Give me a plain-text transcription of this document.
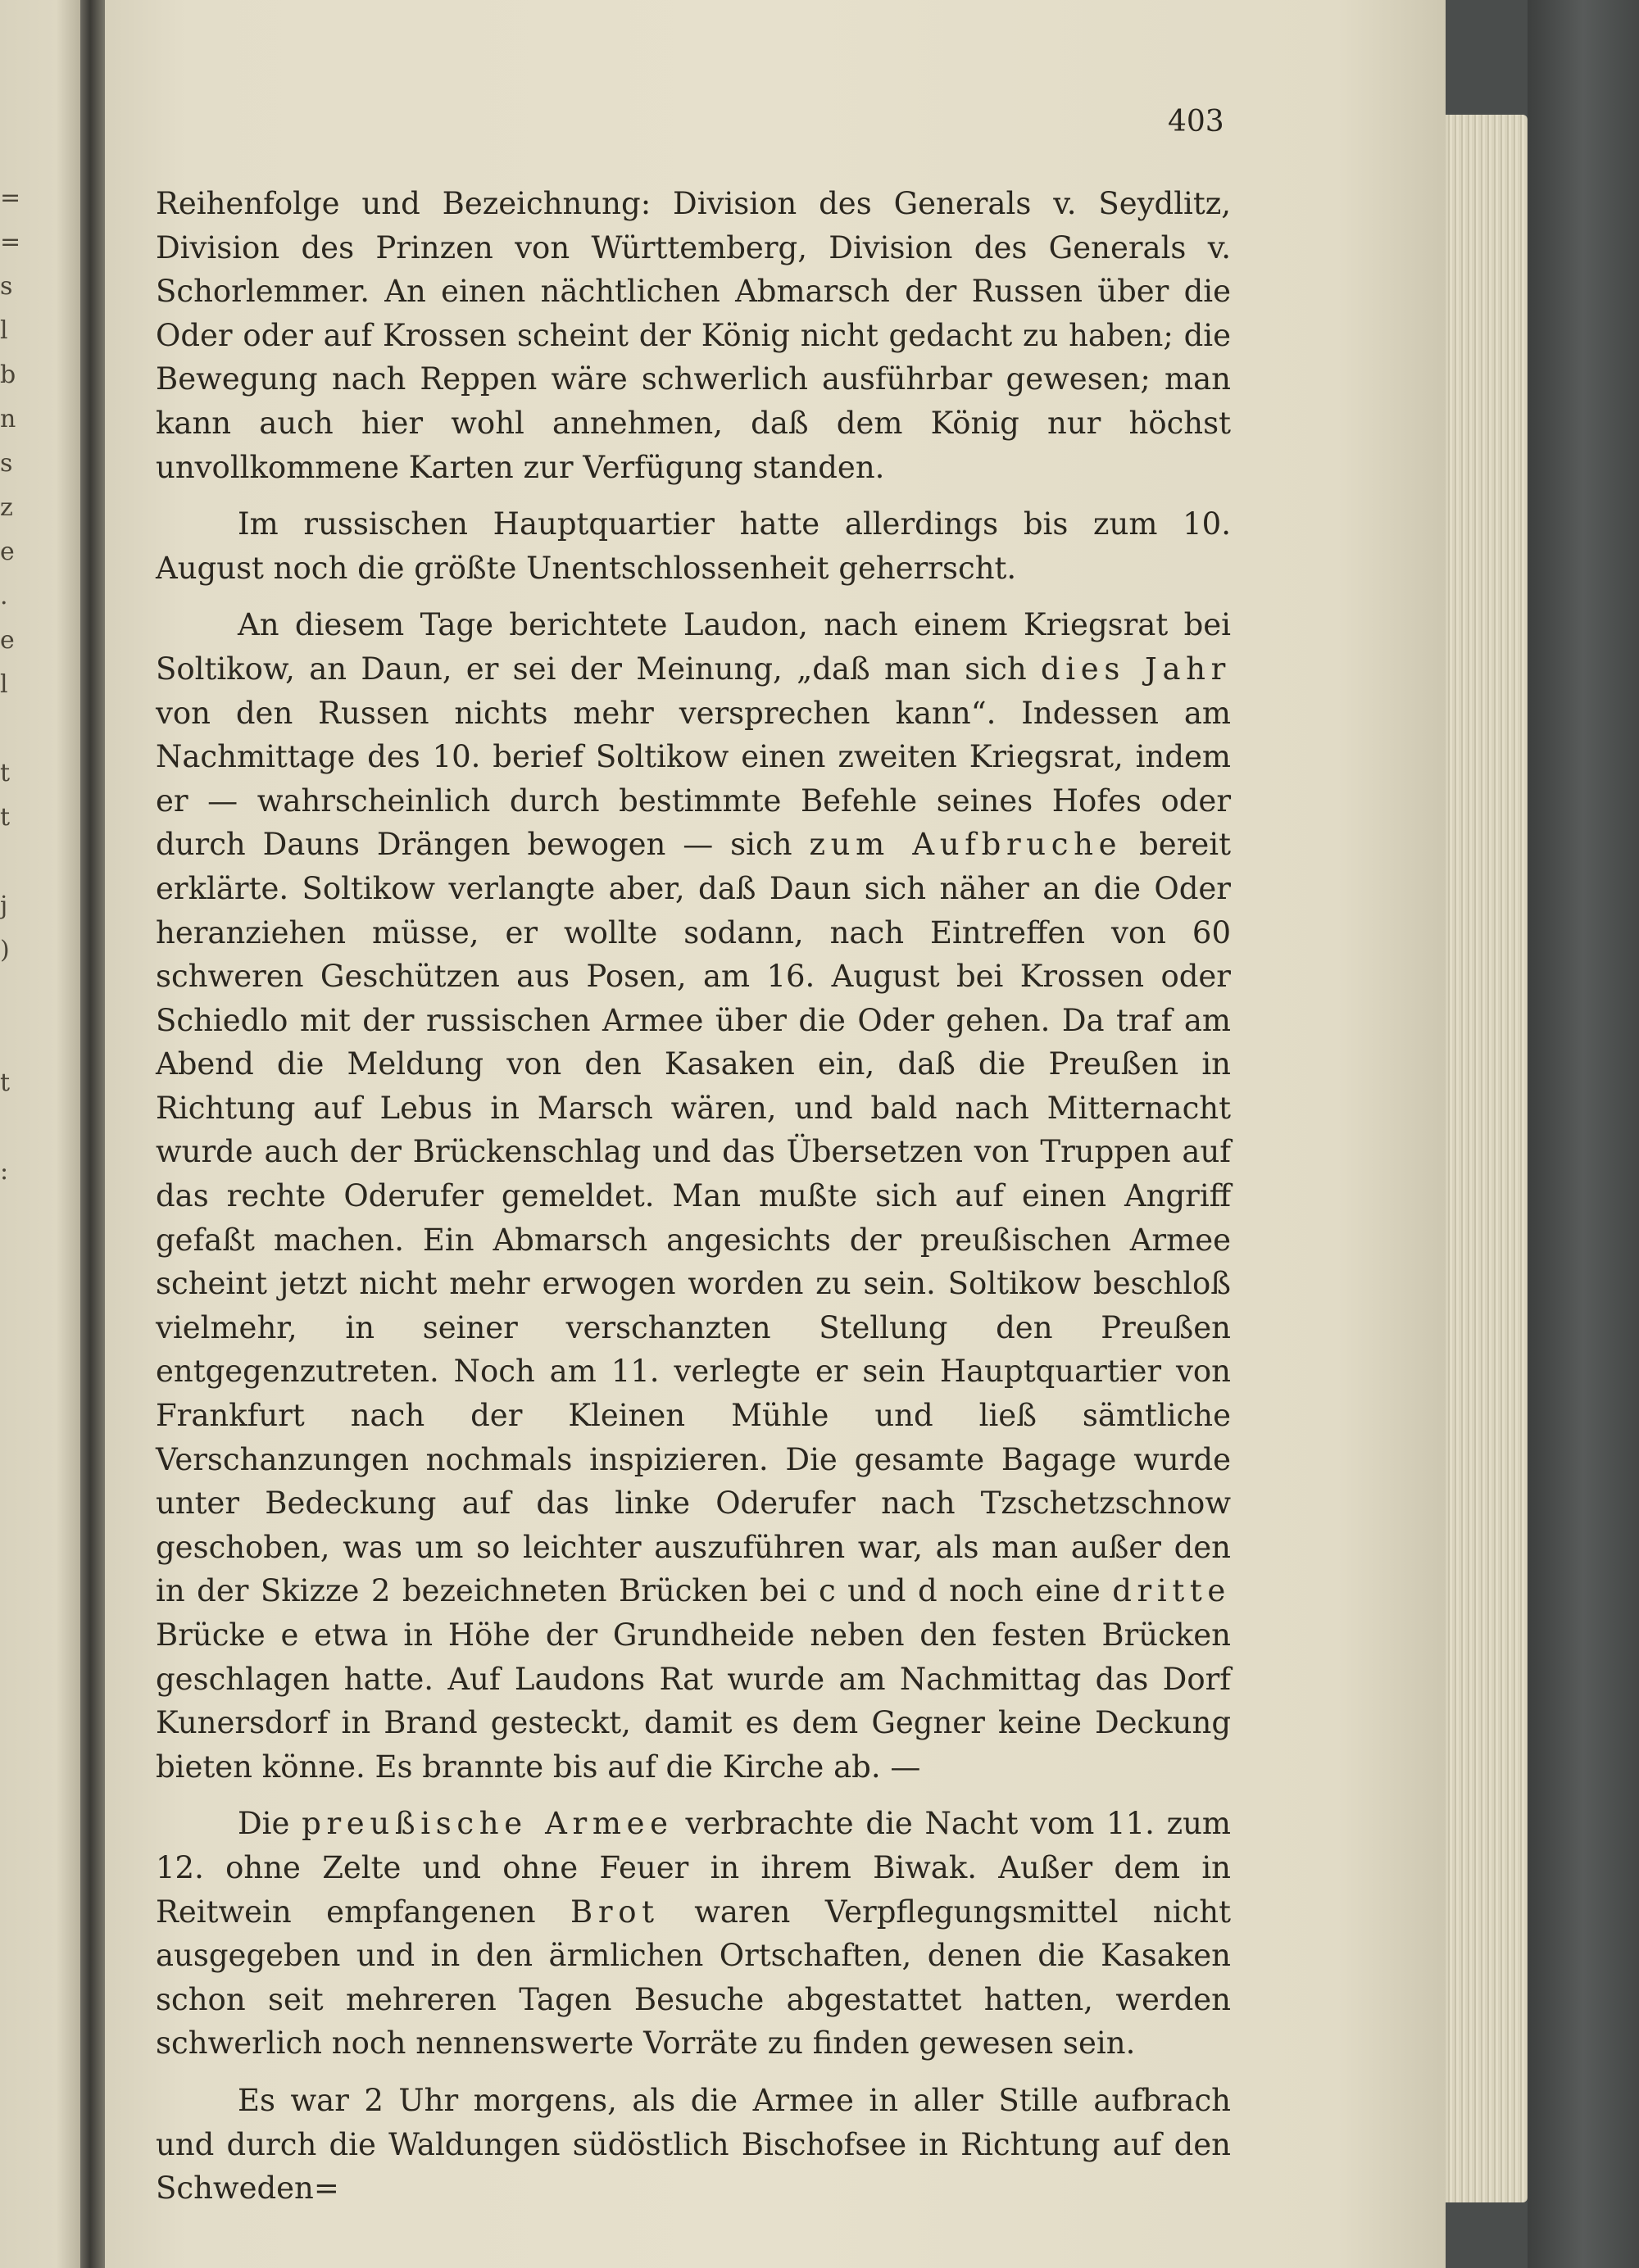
=
=
s
l
b
n
s
z
e
.
e
l

t
t

j
)

t

:
403

Reihenfolge und Bezeichnung: Division des Generals v. Seydlitz, Division des Prinzen von Württemberg, Division des Generals v. Schorlemmer. An einen nächtlichen Abmarsch der Russen über die Oder oder auf Krossen scheint der König nicht gedacht zu haben; die Bewegung nach Reppen wäre schwerlich ausführbar gewesen; man kann auch hier wohl annehmen, daß dem König nur höchst unvollkommene Karten zur Verfügung standen.

Im russischen Hauptquartier hatte allerdings bis zum 10. August noch die größte Unentschlossenheit geherrscht.

An diesem Tage berichtete Laudon, nach einem Kriegsrat bei Soltikow, an Daun, er sei der Meinung, „daß man sich dies Jahr von den Russen nichts mehr versprechen kann“. Indessen am Nachmittage des 10. berief Soltikow einen zweiten Kriegsrat, indem er — wahrscheinlich durch bestimmte Befehle seines Hofes oder durch Dauns Drängen bewogen — sich zum Aufbruche bereit erklärte. Soltikow verlangte aber, daß Daun sich näher an die Oder heranziehen müsse, er wollte sodann, nach Eintreffen von 60 schweren Geschützen aus Posen, am 16. August bei Krossen oder Schiedlo mit der russischen Armee über die Oder gehen. Da traf am Abend die Meldung von den Kasaken ein, daß die Preußen in Richtung auf Lebus in Marsch wären, und bald nach Mitternacht wurde auch der Brückenschlag und das Übersetzen von Truppen auf das rechte Oderufer gemeldet. Man mußte sich auf einen Angriff gefaßt machen. Ein Abmarsch angesichts der preußischen Armee scheint jetzt nicht mehr erwogen worden zu sein. Soltikow beschloß vielmehr, in seiner verschanzten Stellung den Preußen entgegenzutreten. Noch am 11. verlegte er sein Hauptquartier von Frankfurt nach der Kleinen Mühle und ließ sämtliche Verschanzungen nochmals inspizieren. Die gesamte Bagage wurde unter Bedeckung auf das linke Oderufer nach Tzschetzschnow geschoben, was um so leichter auszuführen war, als man außer den in der Skizze 2 bezeichneten Brücken bei c und d noch eine dritte Brücke e etwa in Höhe der Grundheide neben den festen Brücken geschlagen hatte. Auf Laudons Rat wurde am Nachmittag das Dorf Kunersdorf in Brand gesteckt, damit es dem Gegner keine Deckung bieten könne. Es brannte bis auf die Kirche ab. —

Die preußische Armee verbrachte die Nacht vom 11. zum 12. ohne Zelte und ohne Feuer in ihrem Biwak. Außer dem in Reitwein empfangenen Brot waren Verpflegungsmittel nicht ausgegeben und in den ärmlichen Ortschaften, denen die Kasaken schon seit mehreren Tagen Besuche abgestattet hatten, werden schwerlich noch nennenswerte Vorräte zu finden gewesen sein.

Es war 2 Uhr morgens, als die Armee in aller Stille aufbrach und durch die Waldungen südöstlich Bischofsee in Richtung auf den Schweden=
